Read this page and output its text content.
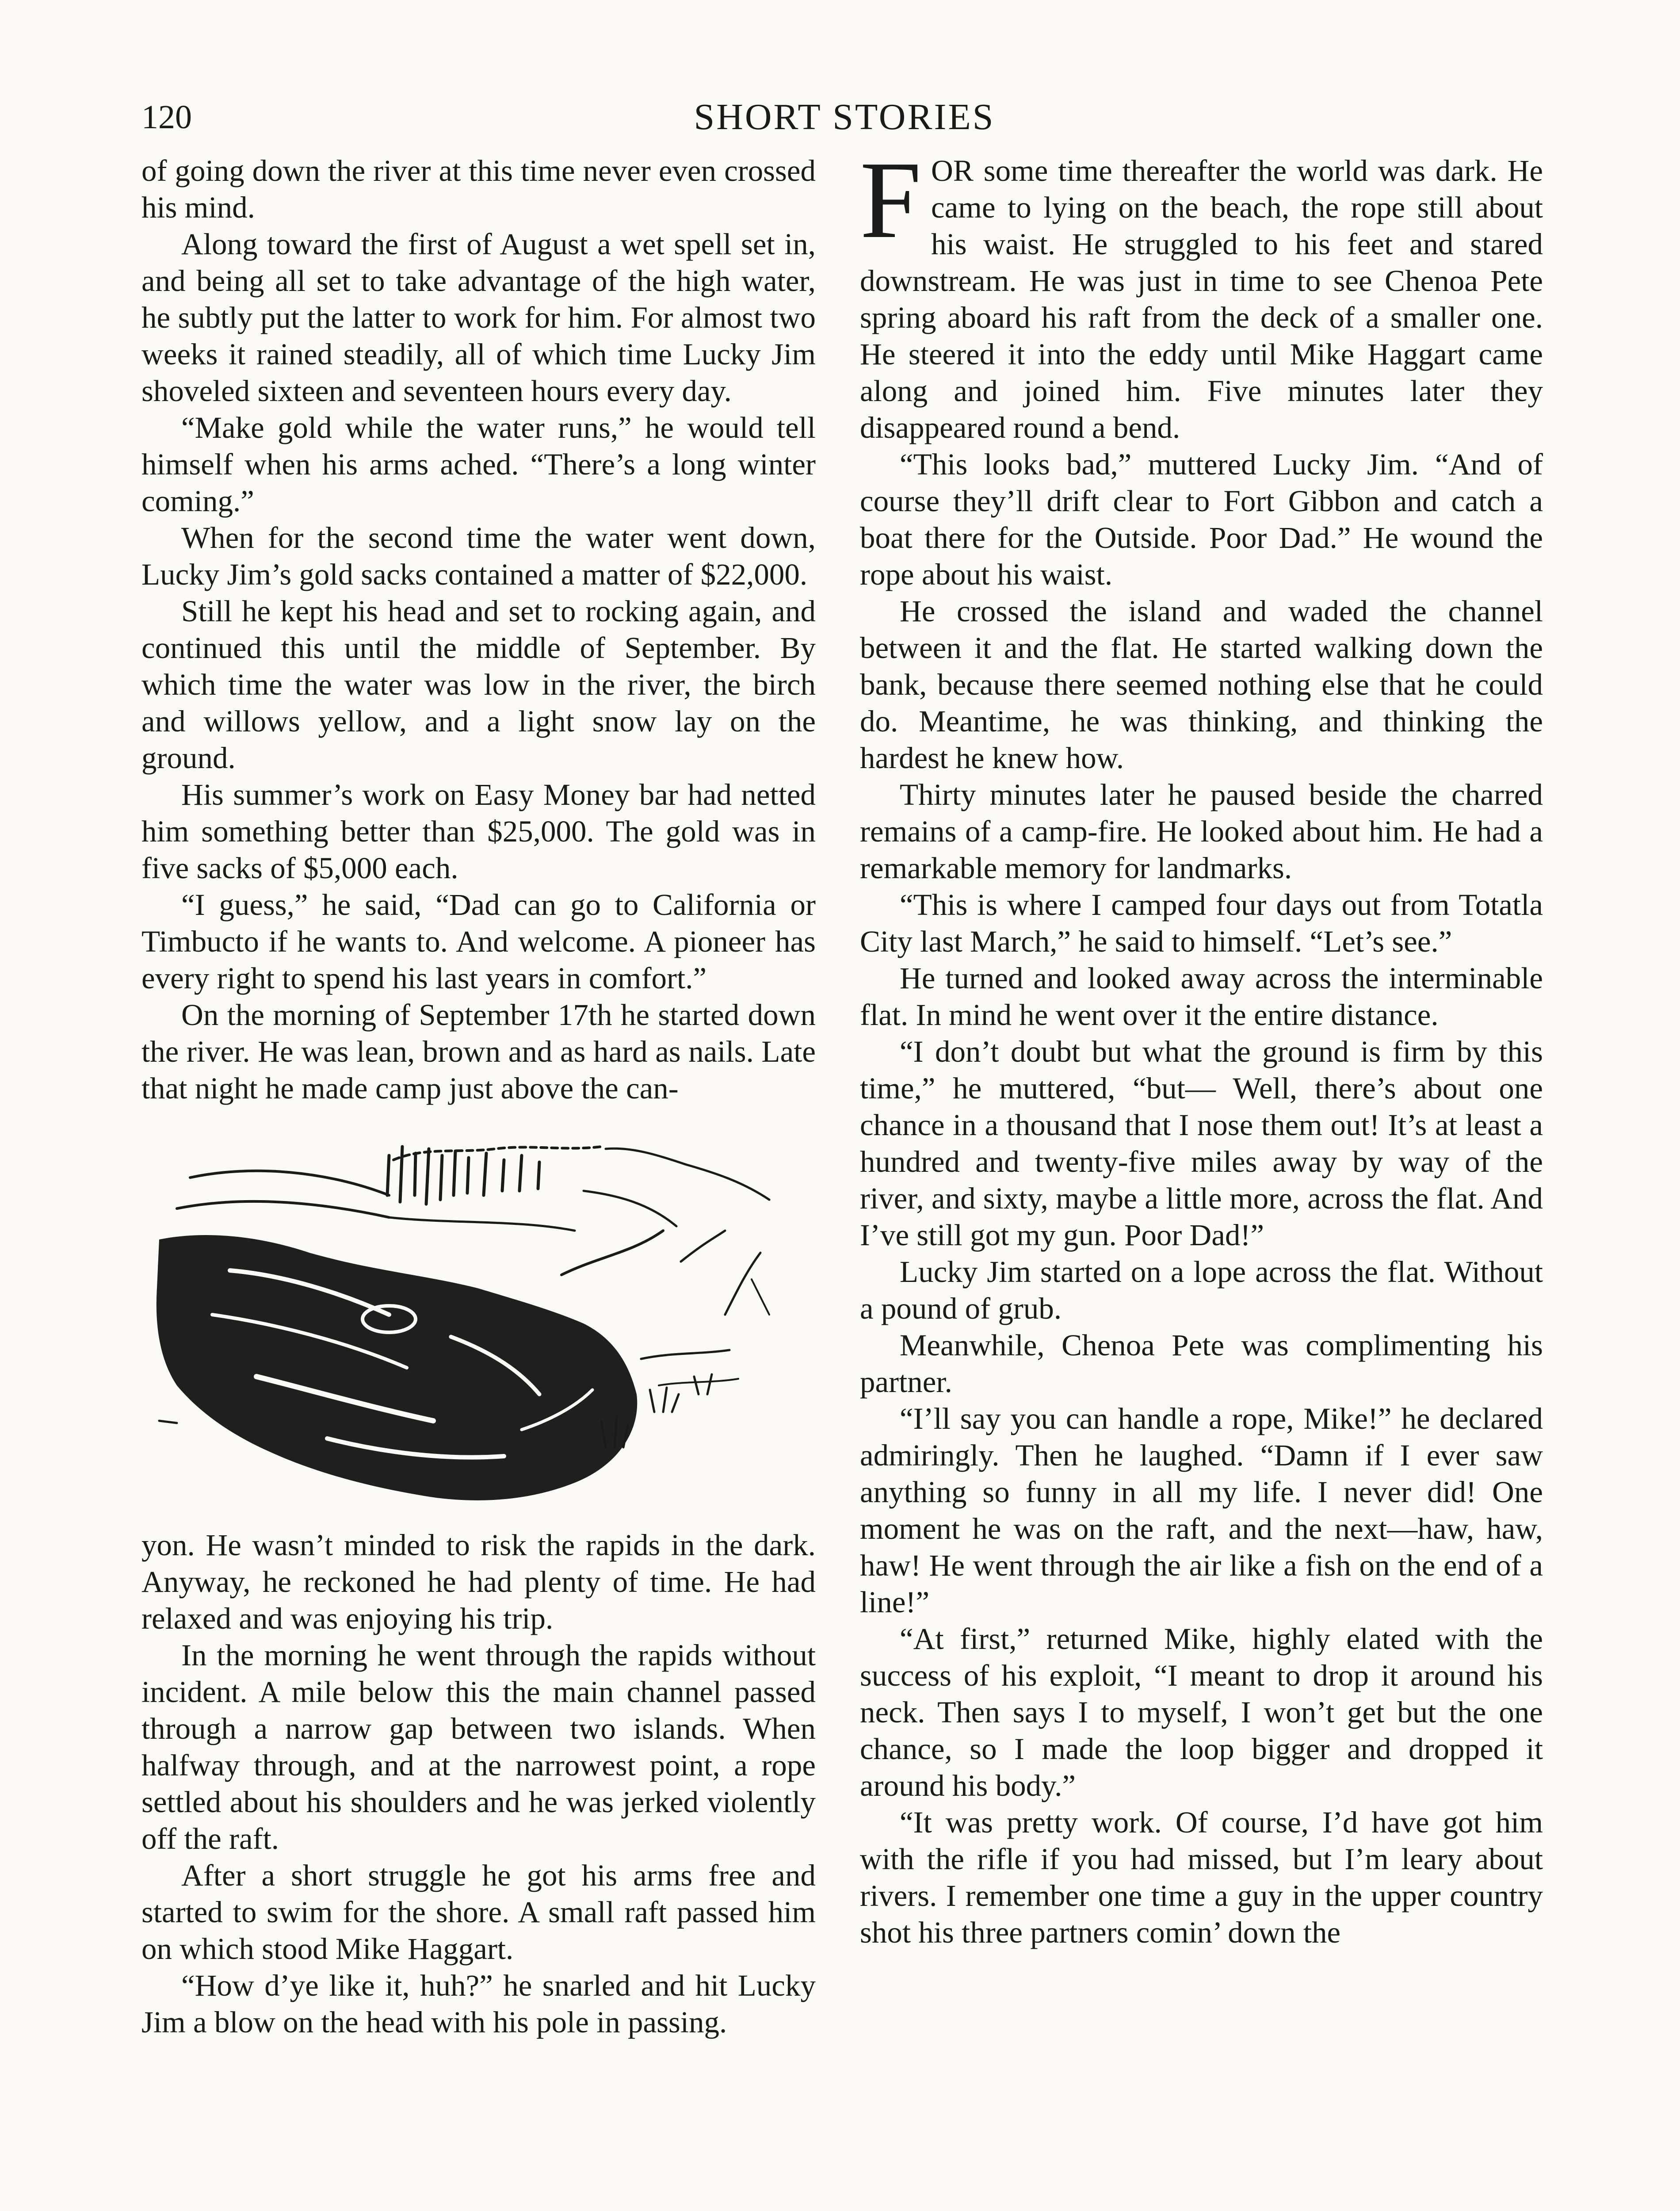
120	SHORT STORIES

of going down the river at this time never even crossed his mind.

Along toward the first of August a wet spell set in, and being all set to take advantage of the high water, he subtly put the latter to work for him. For almost two weeks it rained steadily, all of which time Lucky Jim shoveled sixteen and seventeen hours every day.

“Make gold while the water runs,” he would tell himself when his arms ached. “There’s a long winter coming.”

When for the second time the water went down, Lucky Jim’s gold sacks contained a matter of $22,000.

Still he kept his head and set to rocking again, and continued this until the middle of September. By which time the water was low in the river, the birch and willows yellow, and a light snow lay on the ground.

His summer’s work on Easy Money bar had netted him something better than $25,000. The gold was in five sacks of $5,000 each.

“I guess,” he said, “Dad can go to California or Timbucto if he wants to. And welcome. A pioneer has every right to spend his last years in comfort.”

On the morning of September 17th he started down the river. He was lean, brown and as hard as nails. Late that night he made camp just above the can-

yon. He wasn’t minded to risk the rapids in the dark. Anyway, he reckoned he had plenty of time. He had relaxed and was enjoying his trip.

In the morning he went through the rapids without incident. A mile below this the main channel passed through a narrow gap between two islands. When halfway through, and at the narrowest point, a rope settled about his shoulders and he was jerked violently off the raft.

After a short struggle he got his arms free and started to swim for the shore. A small raft passed him on which stood Mike Haggart.

“How d’ye like it, huh?” he snarled and hit Lucky Jim a blow on the head with his pole in passing.

FOR some time thereafter the world was dark. He came to lying on the beach, the rope still about his waist. He struggled to his feet and stared downstream. He was just in time to see Chenoa Pete spring aboard his raft from the deck of a smaller one. He steered it into the eddy until Mike Haggart came along and joined him. Five minutes later they disappeared round a bend.

“This looks bad,” muttered Lucky Jim. “And of course they’ll drift clear to Fort Gibbon and catch a boat there for the Outside. Poor Dad.” He wound the rope about his waist.

He crossed the island and waded the channel between it and the flat. He started walking down the bank, because there seemed nothing else that he could do. Meantime, he was thinking, and thinking the hardest he knew how.

Thirty minutes later he paused beside the charred remains of a camp-fire. He looked about him. He had a remarkable memory for landmarks.

“This is where I camped four days out from Totatla City last March,” he said to himself. “Let’s see.”

He turned and looked away across the interminable flat. In mind he went over it the entire distance.

“I don’t doubt but what the ground is firm by this time,” he muttered, “but— Well, there’s about one chance in a thousand that I nose them out! It’s at least a hundred and twenty-five miles away by way of the river, and sixty, maybe a little more, across the flat. And I’ve still got my gun. Poor Dad!”

Lucky Jim started on a lope across the flat. Without a pound of grub.

Meanwhile, Chenoa Pete was complimenting his partner.

“I’ll say you can handle a rope, Mike!” he declared admiringly. Then he laughed. “Damn if I ever saw anything so funny in all my life. I never did! One moment he was on the raft, and the next—haw, haw, haw! He went through the air like a fish on the end of a line!”

“At first,” returned Mike, highly elated with the success of his exploit, “I meant to drop it around his neck. Then says I to myself, I won’t get but the one chance, so I made the loop bigger and dropped it around his body.”

“It was pretty work. Of course, I’d have got him with the rifle if you had missed, but I’m leary about rivers. I remember one time a guy in the upper country shot his three partners comin’ down the
